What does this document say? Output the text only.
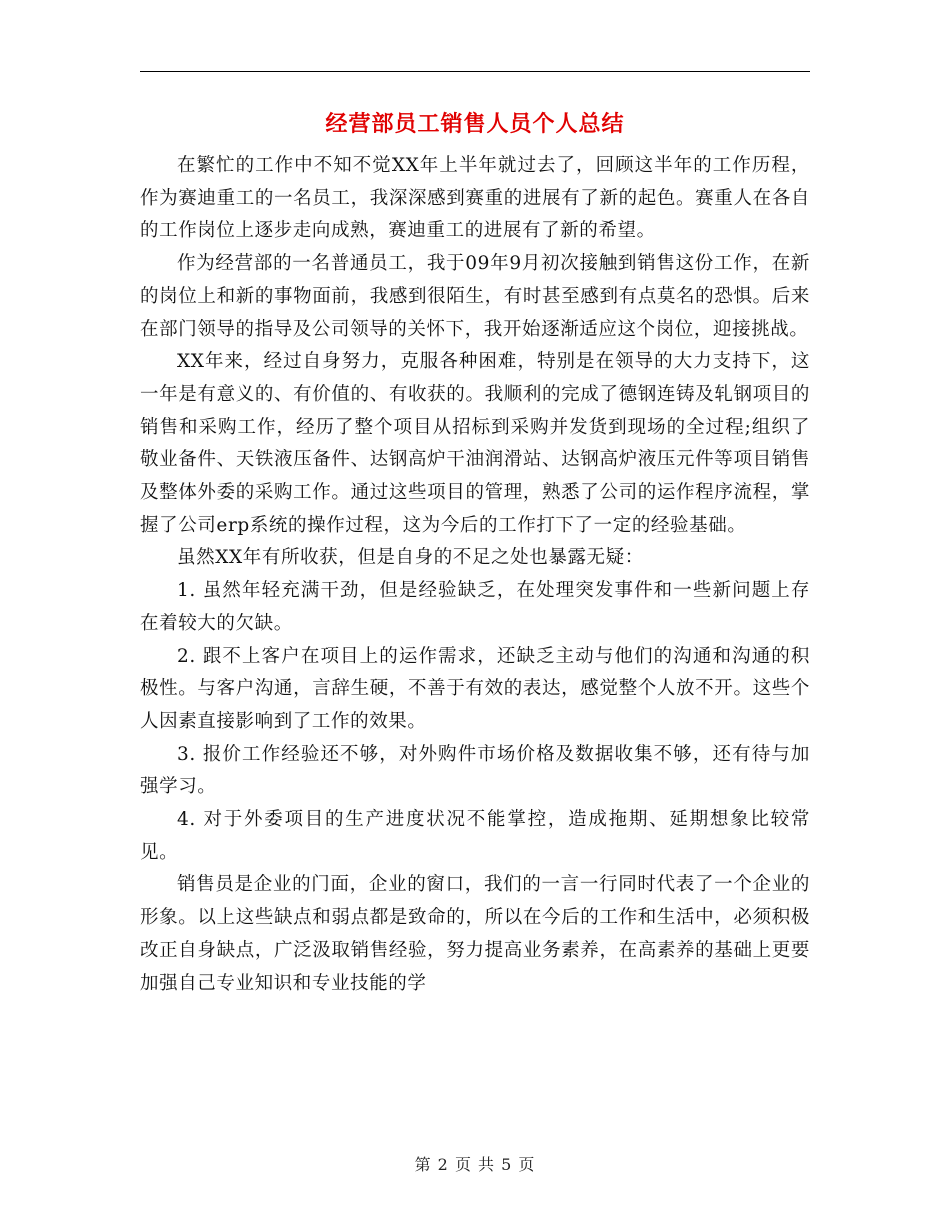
经营部员工销售人员个人总结

在繁忙的工作中不知不觉XX年上半年就过去了，回顾这半年的工作历程，作为赛迪重工的一名员工，我深深感到赛重的进展有了新的起色。赛重人在各自的工作岗位上逐步走向成熟，赛迪重工的进展有了新的希望。

作为经营部的一名普通员工，我于09年9月初次接触到销售这份工作，在新的岗位上和新的事物面前，我感到很陌生，有时甚至感到有点莫名的恐惧。后来在部门领导的指导及公司领导的关怀下，我开始逐渐适应这个岗位，迎接挑战。

XX年来，经过自身努力，克服各种困难，特别是在领导的大力支持下，这一年是有意义的、有价值的、有收获的。我顺利的完成了德钢连铸及轧钢项目的销售和采购工作，经历了整个项目从招标到采购并发货到现场的全过程;组织了敬业备件、天铁液压备件、达钢高炉干油润滑站、达钢高炉液压元件等项目销售及整体外委的采购工作。通过这些项目的管理，熟悉了公司的运作程序流程，掌握了公司erp系统的操作过程，这为今后的工作打下了一定的经验基础。

虽然XX年有所收获，但是自身的不足之处也暴露无疑：

1. 虽然年轻充满干劲，但是经验缺乏，在处理突发事件和一些新问题上存在着较大的欠缺。

2. 跟不上客户在项目上的运作需求，还缺乏主动与他们的沟通和沟通的积极性。与客户沟通，言辞生硬，不善于有效的表达，感觉整个人放不开。这些个人因素直接影响到了工作的效果。

3. 报价工作经验还不够，对外购件市场价格及数据收集不够，还有待与加强学习。

4. 对于外委项目的生产进度状况不能掌控，造成拖期、延期想象比较常见。

销售员是企业的门面，企业的窗口，我们的一言一行同时代表了一个企业的形象。以上这些缺点和弱点都是致命的，所以在今后的工作和生活中，必须积极改正自身缺点，广泛汲取销售经验，努力提高业务素养，在高素养的基础上更要加强自己专业知识和专业技能的学

第 2 页 共 5 页
